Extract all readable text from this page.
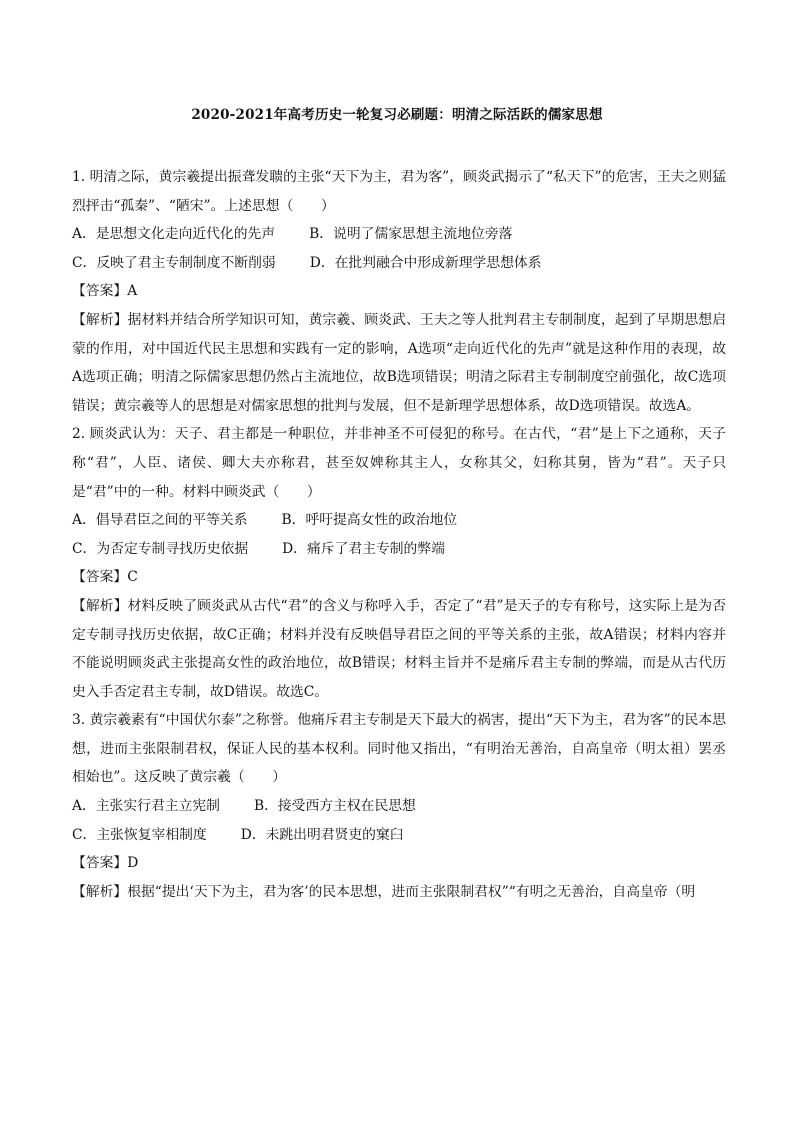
2020-2021年高考历史一轮复习必刷题：明清之际活跃的儒家思想
1. 明清之际，黄宗羲提出振聋发聩的主张“天下为主，君为客”，顾炎武揭示了“私天下”的危害，王夫之则猛烈抨击“孤秦”、“陋宋”。上述思想（　　）
A．是思想文化走向近代化的先声 B．说明了儒家思想主流地位旁落
C．反映了君主专制制度不断削弱 D．在批判融合中形成新理学思想体系
【答案】A
【解析】据材料并结合所学知识可知，黄宗羲、顾炎武、王夫之等人批判君主专制制度，起到了早期思想启蒙的作用，对中国近代民主思想和实践有一定的影响，A选项“走向近代化的先声”就是这种作用的表现，故A选项正确；明清之际儒家思想仍然占主流地位，故B选项错误；明清之际君主专制制度空前强化，故C选项错误；黄宗羲等人的思想是对儒家思想的批判与发展，但不是新理学思想体系，故D选项错误。故选A。
2. 顾炎武认为：天子、君主都是一种职位，并非神圣不可侵犯的称号。在古代，“君”是上下之通称，天子称“君”，人臣、诸侯、卿大夫亦称君，甚至奴婢称其主人，女称其父，妇称其舅，皆为“君”。天子只是“君”中的一种。材料中顾炎武（　　）
A．倡导君臣之间的平等关系 B．呼吁提高女性的政治地位
C．为否定专制寻找历史依据 D．痛斥了君主专制的弊端
【答案】C
【解析】材料反映了顾炎武从古代“君”的含义与称呼入手，否定了“君”是天子的专有称号，这实际上是为否定专制寻找历史依据，故C正确；材料并没有反映倡导君臣之间的平等关系的主张，故A错误；材料内容并不能说明顾炎武主张提高女性的政治地位，故B错误；材料主旨并不是痛斥君主专制的弊端，而是从古代历史入手否定君主专制，故D错误。故选C。
3. 黄宗羲素有“中国伏尔泰”之称誉。他痛斥君主专制是天下最大的祸害，提出“天下为主，君为客”的民本思想，进而主张限制君权，保证人民的基本权利。同时他又指出，“有明治无善治，自高皇帝（明太祖）罢丞相始也”。这反映了黄宗羲（　　）
A．主张实行君主立宪制 B．接受西方主权在民思想
C．主张恢复宰相制度 D．未跳出明君贤吏的窠臼
【答案】D
【解析】根据“提出‘天下为主，君为客’的民本思想，进而主张限制君权”“有明之无善治，自高皇帝（明
